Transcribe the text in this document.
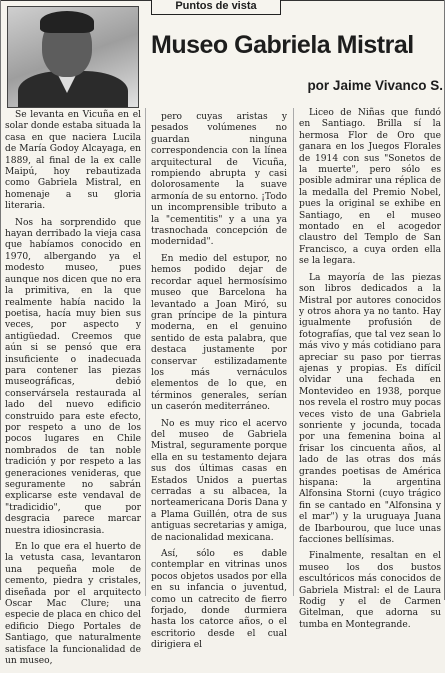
Puntos de vista
Museo Gabriela Mistral
por Jaime Vivanco S.

Se levanta en Vicuña en el solar donde estaba situada la casa en que naciera Lucila de María Godoy Alcayaga, en 1889, al final de la ex calle Maipú, hoy rebautizada como Gabriela Mistral, en homenaje a su gloria literaria.

Nos ha sorprendido que hayan derribado la vieja casa que habíamos conocido en 1970, albergando ya el modesto museo, pues aunque nos dicen que no era la primitiva, en la que realmente había nacido la poetisa, hacía muy bien sus veces, por aspecto y antigüedad. Creemos que aún si se pensó que era insuficiente o inadecuada para contener las piezas museográficas, debió conservársela restaurada al lado del nuevo edificio construido para este efecto, por respeto a uno de los pocos lugares en Chile nombrados de tan noble tradición y por respeto a las generaciones venideras, que seguramente no sabrán explicarse este vendaval de "tradicidio", que por desgracia parece marcar nuestra idiosincrasia.

En lo que era el huerto de la vetusta casa, levantaron una pequeña mole de cemento, piedra y cristales, diseñada por el arquitecto Oscar Mac Clure; una especie de placa en chico del edificio Diego Portales de Santiago, que naturalmente satisface la funcionalidad de un museo,

pero cuyas aristas y pesados volúmenes no guardan ninguna correspondencia con la línea arquitectural de Vicuña, rompiendo abrupta y casi dolorosamente la suave armonía de su entorno. ¡Todo un incomprensible tributo a la "cementitis" y a una ya trasnochada concepción de modernidad".

En medio del estupor, no hemos podido dejar de recordar aquel hermosísimo museo que Barcelona ha levantado a Joan Miró, su gran príncipe de la pintura moderna, en el genuino sentido de esta palabra, que destaca justamente por conservar estilizadamente los más vernáculos elementos de lo que, en términos generales, serían un caserón mediterráneo.

No es muy rico el acervo del museo de Gabriela Mistral, seguramente porque ella en su testamento dejara sus dos últimas casas en Estados Unidos a puertas cerradas a su albacea, la norteamericana Doris Dana y a Plama Guillén, otra de sus antiguas secretarias y amiga, de nacionalidad mexicana.

Así, sólo es dable contemplar en vitrinas unos pocos objetos usados por ella en su infancia o juventud, como un catrecito de fierro forjado, donde durmiera hasta los catorce años, o el escritorio desde el cual dirigiera el

Liceo de Niñas que fundó en Santiago. Brilla sí la hermosa Flor de Oro que ganara en los Juegos Florales de 1914 con sus "Sonetos de la muerte", pero sólo es posible admirar una réplica de la medalla del Premio Nobel, pues la original se exhibe en Santiago, en el museo montado en el acogedor claustro del Templo de San Francisco, a cuya orden ella se la legara.

La mayoría de las piezas son libros dedicados a la Mistral por autores conocidos y otros ahora ya no tanto. Hay igualmente profusión de fotografías, que tal vez sean lo más vivo y más cotidiano para apreciar su paso por tierras ajenas y propias. Es difícil olvidar una fechada en Montevideo en 1938, porque nos revela el rostro muy pocas veces visto de una Gabriela sonriente y jocunda, tocada por una femenina boina al frisar los cincuenta años, al lado de las otras dos más grandes poetisas de América hispana: la argentina Alfonsina Storni (cuyo trágico fin se cantado en "Alfonsina y el mar") y la uruguaya Juana de Ibarbourou, que luce unas facciones bellísimas.

Finalmente, resaltan en el museo los dos bustos escultóricos más conocidos de Gabriela Mistral: el de Laura Rodig y el de Carmen Gitelman, que adorna su tumba en Montegrande.
